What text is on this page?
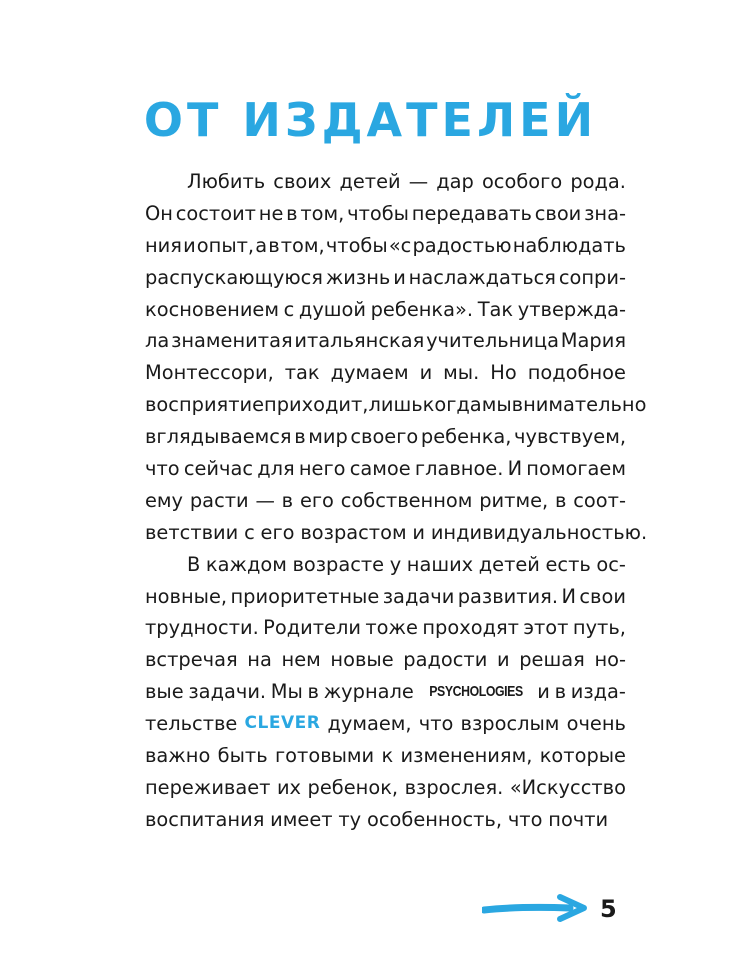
ОТ ИЗДАТЕЛЕЙ
Любить своих детей — дар особого рода.
Он состоит не в том, чтобы передавать свои зна-
ния и опыт, а в том, чтобы «с радостью наблюдать
распускающуюся жизнь и наслаждаться сопри-
косновением с душой ребенка». Так утвержда-
ла знаменитая итальянская учительница Мария
Монтессори, так думаем и мы. Но подобное
восприятие приходит, лишь когда мы внимательно
вглядываемся в мир своего ребенка, чувствуем,
что сейчас для него самое главное. И помогаем
ему расти — в его собственном ритме, в соот-
ветствии с его возрастом и индивидуальностью.
В каждом возрасте у наших детей есть ос-
новные, приоритетные задачи развития. И свои
трудности. Родители тоже проходят этот путь,
встречая на нем новые радости и решая но-
вые задачи. Мы в журнале PSYCHOLOGIES и в изда-
тельстве CLEVER думаем, что взрослым очень
важно быть готовыми к изменениям, которые
переживает их ребенок, взрослея. «Искусство
воспитания имеет ту особенность, что почти
5
